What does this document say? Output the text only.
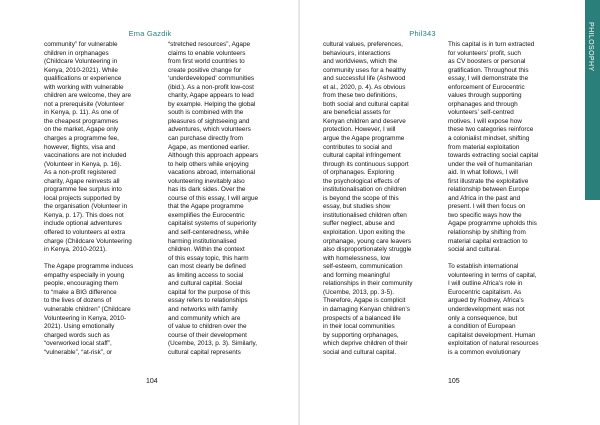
Ema Gazdik
community” for vulnerable
children in orphanages
(Childcare Volunteering in
Kenya, 2010-2021). While
qualifications or experience
with working with vulnerable
children are welcome, they are
not a prerequisite (Volunteer
in Kenya, p. 11). As one of
the cheapest programmes
on the market, Agape only
charges a programme fee,
however, flights, visa and
vaccinations are not included
(Volunteer in Kenya, p. 16).
As a non-profit registered
charity, Agape reinvests all
programme fee surplus into
local projects supported by
the organisation (Volunteer in
Kenya, p. 17). This does not
include optional adventures
offered to volunteers at extra
charge (Childcare Volunteering
in Kenya, 2010-2021).

The Agape programme induces
empathy especially in young
people, encouraging them
to “make a BIG difference
to the lives of dozens of
vulnerable children” (Childcare
Volunteering in Kenya, 2010-
2021). Using emotionally
charged words such as
“overworked local staff”,
“vulnerable”, “at-risk”, or
“stretched resources”, Agape
claims to enable volunteers
from first world countries to
create positive change for
‘underdeveloped’ communities
(ibid.). As a non-profit low-cost
charity, Agape appears to lead
by example. Helping the global
south is combined with the
pleasures of sightseeing and
adventures, which volunteers
can purchase directly from
Agape, as mentioned earlier.
Although this approach appears
to help others while enjoying
vacations abroad, international
volunteering inevitably also
has its dark sides. Over the
course of this essay, I will argue
that the Agape programme
exemplifies the Eurocentric
capitalist systems of superiority
and self-centeredness, while
harming institutionalised
children. Within the context
of this essay topic, this harm
can most clearly be defined
as limiting access to social
and cultural capital. Social
capital for the purpose of this
essay refers to relationships
and networks with family
and community which are
of value to children over the
course of their development
(Ucembe, 2013, p. 3). Similarly,
cultural capital represents
104
Phil343
cultural values, preferences,
behaviours, interactions
and worldviews, which the
community uses for a healthy
and successful life (Ashwood
et al., 2020, p. 4). As obvious
from these two definitions,
both social and cultural capital
are beneficial assets for
Kenyan children and deserve
protection. However, I will
argue the Agape programme
contributes to social and
cultural capital infringement
through its continuous support
of orphanages. Exploring
the psychological effects of
institutionalisation on children
is beyond the scope of this
essay, but studies show
institutionalised children often
suffer neglect, abuse and
exploitation. Upon exiting the
orphanage, young care leavers
also disproportionately struggle
with homelessness, low
self-esteem, communication
and forming meaningful
relationships in their community
(Ucembe, 2013, pp. 3-5).
Therefore, Agape is complicit
in damaging Kenyan children’s
prospects of a balanced life
in their local communities
by supporting orphanages,
which deprive children of their
social and cultural capital.
This capital is in turn extracted
for volunteers’ profit, such
as CV boosters or personal
gratification. Throughout this
essay, I will demonstrate the
enforcement of Eurocentric
values through supporting
orphanages and through
volunteers’ self-centred
motives. I will expose how
these two categories reinforce
a colonialist mindset, shifting
from material exploitation
towards extracting social capital
under the veil of humanitarian
aid. In what follows, I will
first illustrate the exploitative
relationship between Europe
and Africa in the past and
present. I will then focus on
two specific ways how the
Agape programme upholds this
relationship by shifting from
material capital extraction to
social and cultural.

To establish international
volunteering in terms of capital,
I will outline Africa’s role in
Eurocentric capitalism. As
argued by Rodney, Africa’s
underdevelopment was not
only a consequence, but
a condition of European
capitalist development. Human
exploitation of natural resources
is a common evolutionary
105
PHILOSOPHY
